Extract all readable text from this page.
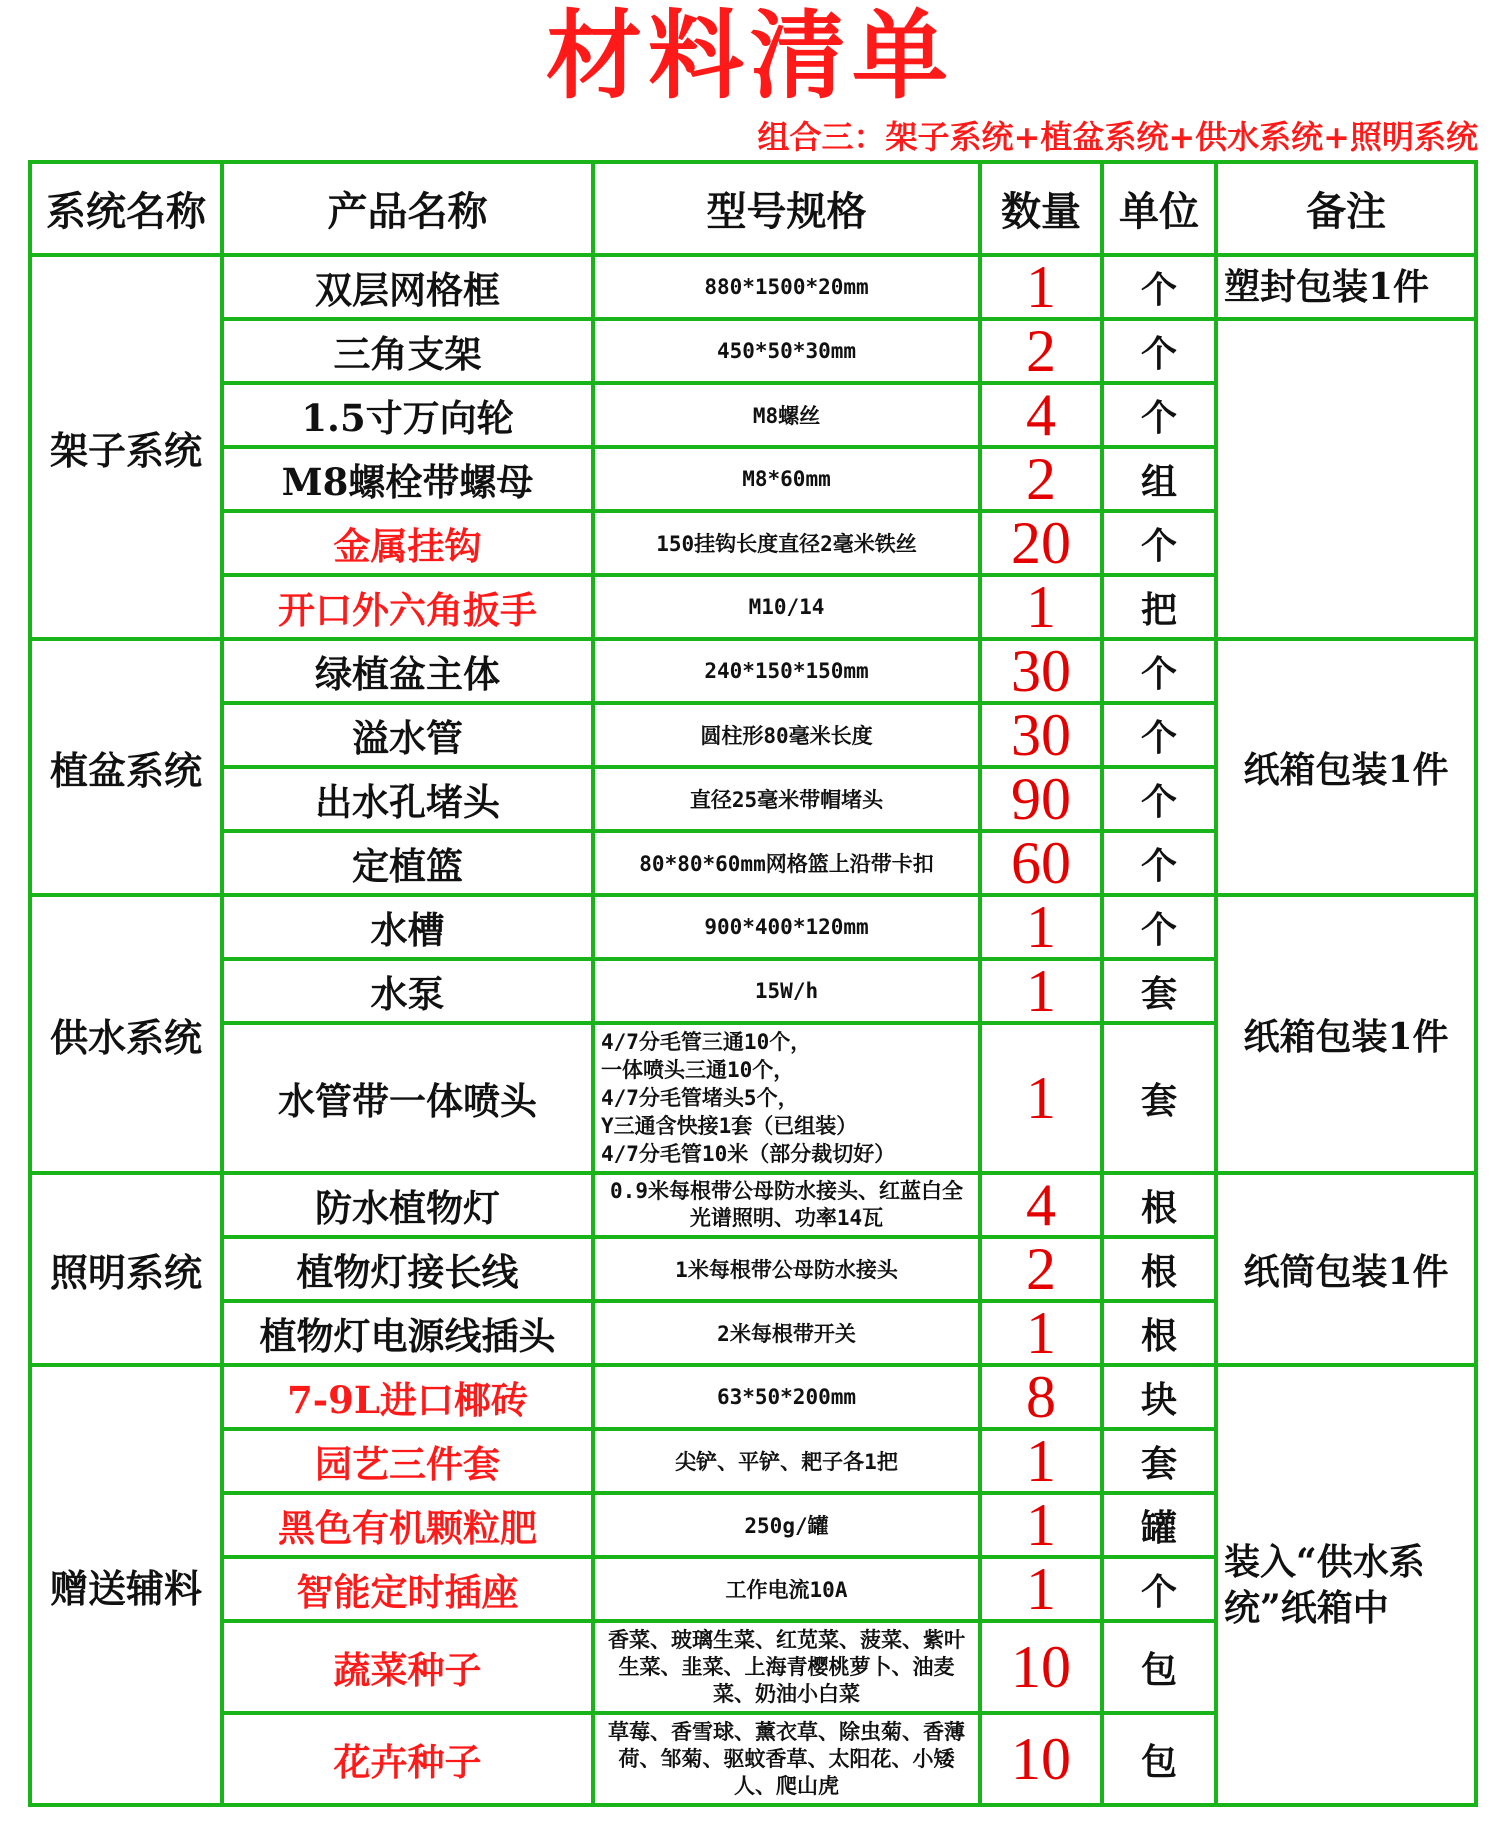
材料清单
组合三：架子系统+植盆系统+供水系统+照明系统
系统名称	产品名称	型号规格	数量	单位	备注
架子系统	双层网格框	880*1500*20mm	1	个	塑封包装1件
	三角支架	450*50*30mm	2	个	
	1.5寸万向轮	M8螺丝	4	个	
	M8螺栓带螺母	M8*60mm	2	组	
	金属挂钩	150挂钩长度直径2毫米铁丝	20	个	
	开口外六角扳手	M10/14	1	把	
植盆系统	绿植盆主体	240*150*150mm	30	个	纸箱包装1件
	溢水管	圆柱形80毫米长度	30	个	
	出水孔堵头	直径25毫米带帽堵头	90	个	
	定植篮	80*80*60mm网格篮上沿带卡扣	60	个	
供水系统	水槽	900*400*120mm	1	个	纸箱包装1件
	水泵	15W/h	1	套	
	水管带一体喷头	4/7分毛管三通10个，
一体喷头三通10个，
4/7分毛管堵头5个，
Y三通含快接1套（已组装）
4/7分毛管10米（部分裁切好）	1	套	
照明系统	防水植物灯	0.9米每根带公母防水接头、红蓝白全光谱照明、功率14瓦	4	根	纸筒包装1件
	植物灯接长线	1米每根带公母防水接头	2	根	
	植物灯电源线插头	2米每根带开关	1	根	
赠送辅料	7-9L进口椰砖	63*50*200mm	8	块	装入“供水系统”纸箱中
	园艺三件套	尖铲、平铲、耙子各1把	1	套	
	黑色有机颗粒肥	250g/罐	1	罐	
	智能定时插座	工作电流10A	1	个	
	蔬菜种子	香菜、玻璃生菜、红苋菜、菠菜、紫叶生菜、韭菜、上海青樱桃萝卜、油麦菜、奶油小白菜	10	包	
	花卉种子	草莓、香雪球、薰衣草、除虫菊、香薄荷、邹菊、驱蚊香草、太阳花、小矮人、爬山虎	10	包	
